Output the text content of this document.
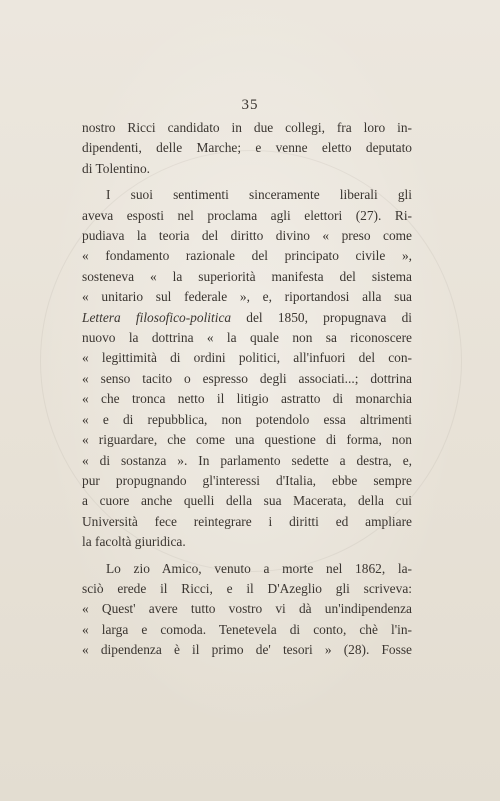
35

nostro Ricci candidato in due collegi, fra loro in-
dipendenti, delle Marche; e venne eletto deputato
di Tolentino.

I suoi sentimenti sinceramente liberali gli
aveva esposti nel proclama agli elettori (27). Ri-
pudiava la teoria del diritto divino « preso come
« fondamento razionale del principato civile »,
sosteneva « la superiorità manifesta del sistema
« unitario sul federale », e, riportandosi alla sua
Lettera filosofico-politica del 1850, propugnava di
nuovo la dottrina « la quale non sa riconoscere
« legittimità di ordini politici, all'infuori del con-
« senso tacito o espresso degli associati...; dottrina
« che tronca netto il litigio astratto di monarchia
« e di repubblica, non potendolo essa altrimenti
« riguardare, che come una questione di forma, non
« di sostanza ». In parlamento sedette a destra, e,
pur propugnando gl'interessi d'Italia, ebbe sempre
a cuore anche quelli della sua Macerata, della cui
Università fece reintegrare i diritti ed ampliare
la facoltà giuridica.

Lo zio Amico, venuto a morte nel 1862, la-
sciò erede il Ricci, e il D'Azeglio gli scriveva:
« Quest' avere tutto vostro vi dà un'indipendenza
« larga e comoda. Tenetevela di conto, chè l'in-
« dipendenza è il primo de' tesori » (28). Fosse
